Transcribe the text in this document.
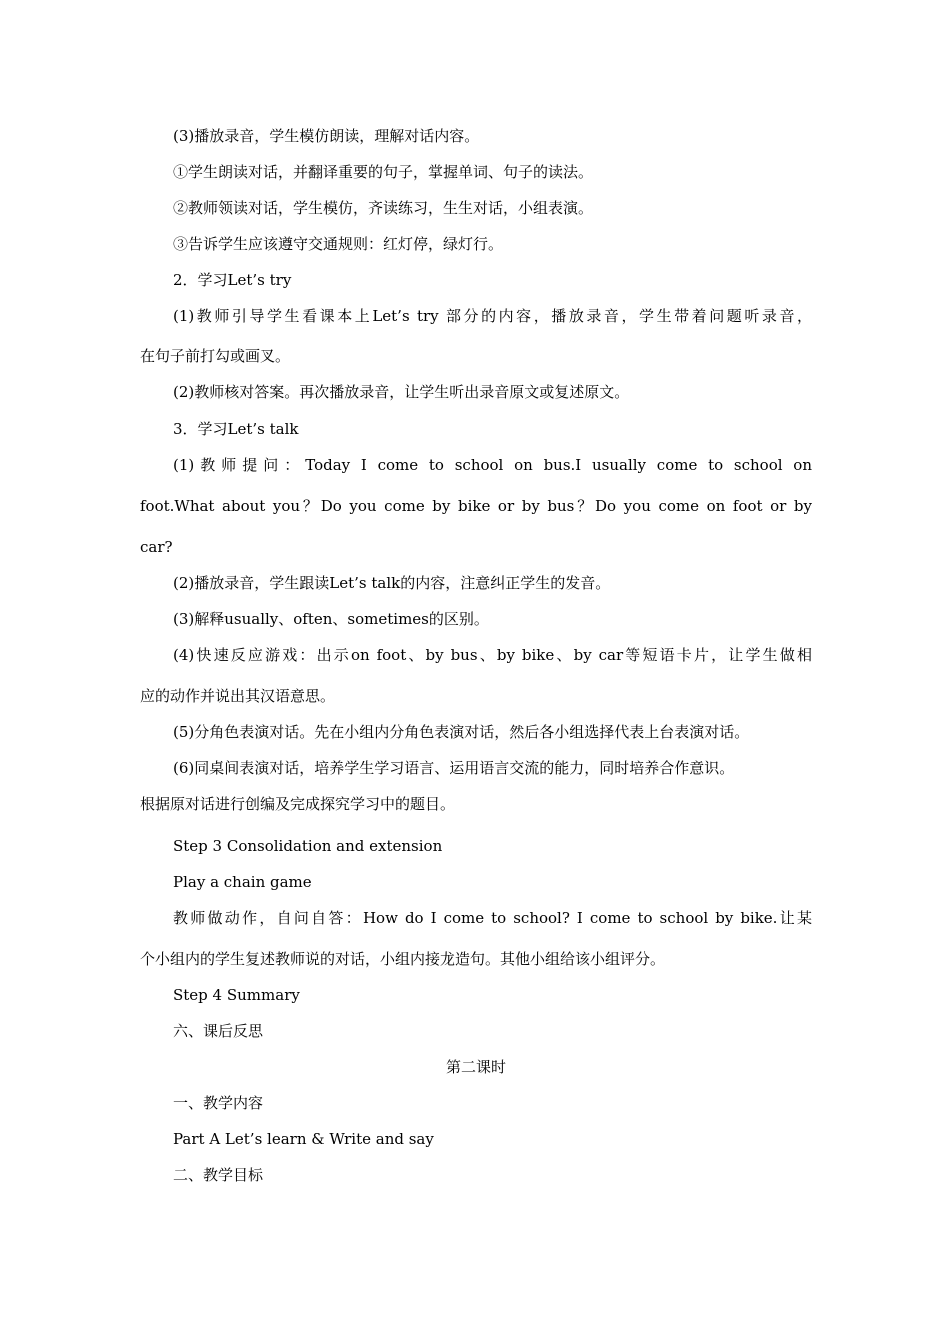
(3)播放录音，学生模仿朗读，理解对话内容。

①学生朗读对话，并翻译重要的句子，掌握单词、句子的读法。

②教师领读对话，学生模仿，齐读练习，生生对话，小组表演。

③告诉学生应该遵守交通规则：红灯停，绿灯行。

2．学习Let’s try

(1)教师引导学生看课本上Let’s try 部分的内容，播放录音，学生带着问题听录音，

在句子前打勾或画叉。

(2)教师核对答案。再次播放录音，让学生听出录音原文或复述原文。

3．学习Let’s talk

(1)教师提问：Today I come to school on bus.I usually come to school on

foot.What about you？Do you come by bike or by bus？Do you come on foot or by

car?

(2)播放录音，学生跟读Let’s talk的内容，注意纠正学生的发音。

(3)解释usually、often、sometimes的区别。

(4)快速反应游戏：出示on foot、by bus、by bike、by car等短语卡片，让学生做相

应的动作并说出其汉语意思。

(5)分角色表演对话。先在小组内分角色表演对话，然后各小组选择代表上台表演对话。

(6)同桌间表演对话，培养学生学习语言、运用语言交流的能力，同时培养合作意识。

根据原对话进行创编及完成探究学习中的题目。

Step 3 Consolidation and extension

Play a chain game

教师做动作，自问自答：How do I come to school? I come to school by bike.让某

个小组内的学生复述教师说的对话，小组内接龙造句。其他小组给该小组评分。

Step 4 Summary

六、课后反思

第二课时

一、教学内容

Part A Let’s learn & Write and say

二、教学目标
